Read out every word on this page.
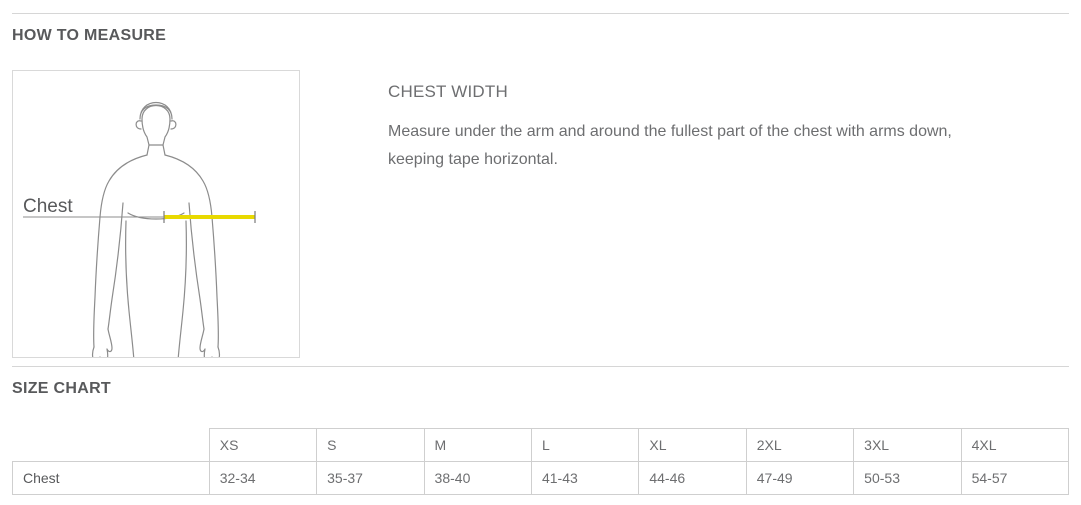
HOW TO MEASURE
Chest

CHEST WIDTH

Measure under the arm and around the fullest part of the chest with arms down, keeping tape horizontal.

SIZE CHART
	XS	S	M	L	XL	2XL	3XL	4XL
Chest	32-34	35-37	38-40	41-43	44-46	47-49	50-53	54-57
